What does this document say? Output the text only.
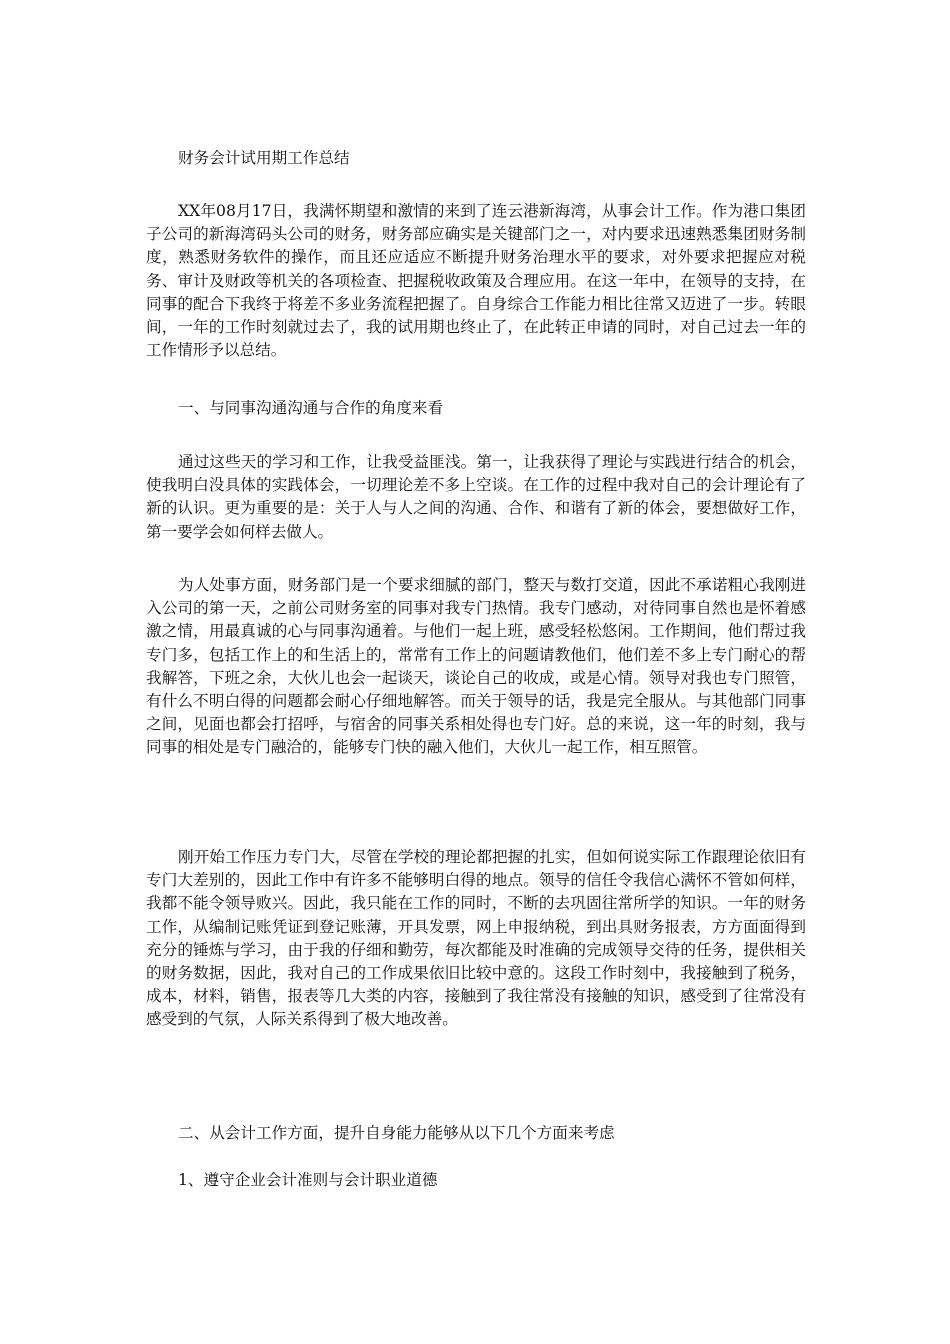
财务会计试用期工作总结

XX年08月17日，我满怀期望和激情的来到了连云港新海湾，从事会计工作。作为港口集团子公司的新海湾码头公司的财务，财务部应确实是关键部门之一，对内要求迅速熟悉集团财务制度，熟悉财务软件的操作，而且还应适应不断提升财务治理水平的要求，对外要求把握应对税务、审计及财政等机关的各项检查、把握税收政策及合理应用。在这一年中，在领导的支持，在同事的配合下我终于将差不多业务流程把握了。自身综合工作能力相比往常又迈进了一步。转眼间，一年的工作时刻就过去了，我的试用期也终止了，在此转正申请的同时，对自己过去一年的工作情形予以总结。

一、与同事沟通沟通与合作的角度来看

通过这些天的学习和工作，让我受益匪浅。第一，让我获得了理论与实践进行结合的机会，使我明白没具体的实践体会，一切理论差不多上空谈。在工作的过程中我对自己的会计理论有了新的认识。更为重要的是：关于人与人之间的沟通、合作、和谐有了新的体会，要想做好工作，第一要学会如何样去做人。

为人处事方面，财务部门是一个要求细腻的部门，整天与数打交道，因此不承诺粗心我刚进入公司的第一天，之前公司财务室的同事对我专门热情。我专门感动，对待同事自然也是怀着感激之情，用最真诚的心与同事沟通着。与他们一起上班，感受轻松悠闲。工作期间，他们帮过我专门多，包括工作上的和生活上的，常常有工作上的问题请教他们，他们差不多上专门耐心的帮我解答，下班之余，大伙儿也会一起谈天，谈论自己的收成，或是心情。领导对我也专门照管，有什么不明白得的问题都会耐心仔细地解答。而关于领导的话，我是完全服从。与其他部门同事之间，见面也都会打招呼，与宿舍的同事关系相处得也专门好。总的来说，这一年的时刻，我与同事的相处是专门融洽的，能够专门快的融入他们，大伙儿一起工作，相互照管。

刚开始工作压力专门大，尽管在学校的理论都把握的扎实，但如何说实际工作跟理论依旧有专门大差别的，因此工作中有许多不能够明白得的地点。领导的信任令我信心满怀不管如何样，我都不能令领导败兴。因此，我只能在工作的同时，不断的去巩固往常所学的知识。一年的财务工作，从编制记账凭证到登记账薄，开具发票，网上申报纳税，到出具财务报表，方方面面得到充分的锤炼与学习，由于我的仔细和勤劳，每次都能及时准确的完成领导交待的任务，提供相关的财务数据，因此，我对自己的工作成果依旧比较中意的。这段工作时刻中，我接触到了税务，成本，材料，销售，报表等几大类的内容，接触到了我往常没有接触的知识，感受到了往常没有感受到的气氛，人际关系得到了极大地改善。

二、从会计工作方面，提升自身能力能够从以下几个方面来考虑
1、遵守企业会计准则与会计职业道德
